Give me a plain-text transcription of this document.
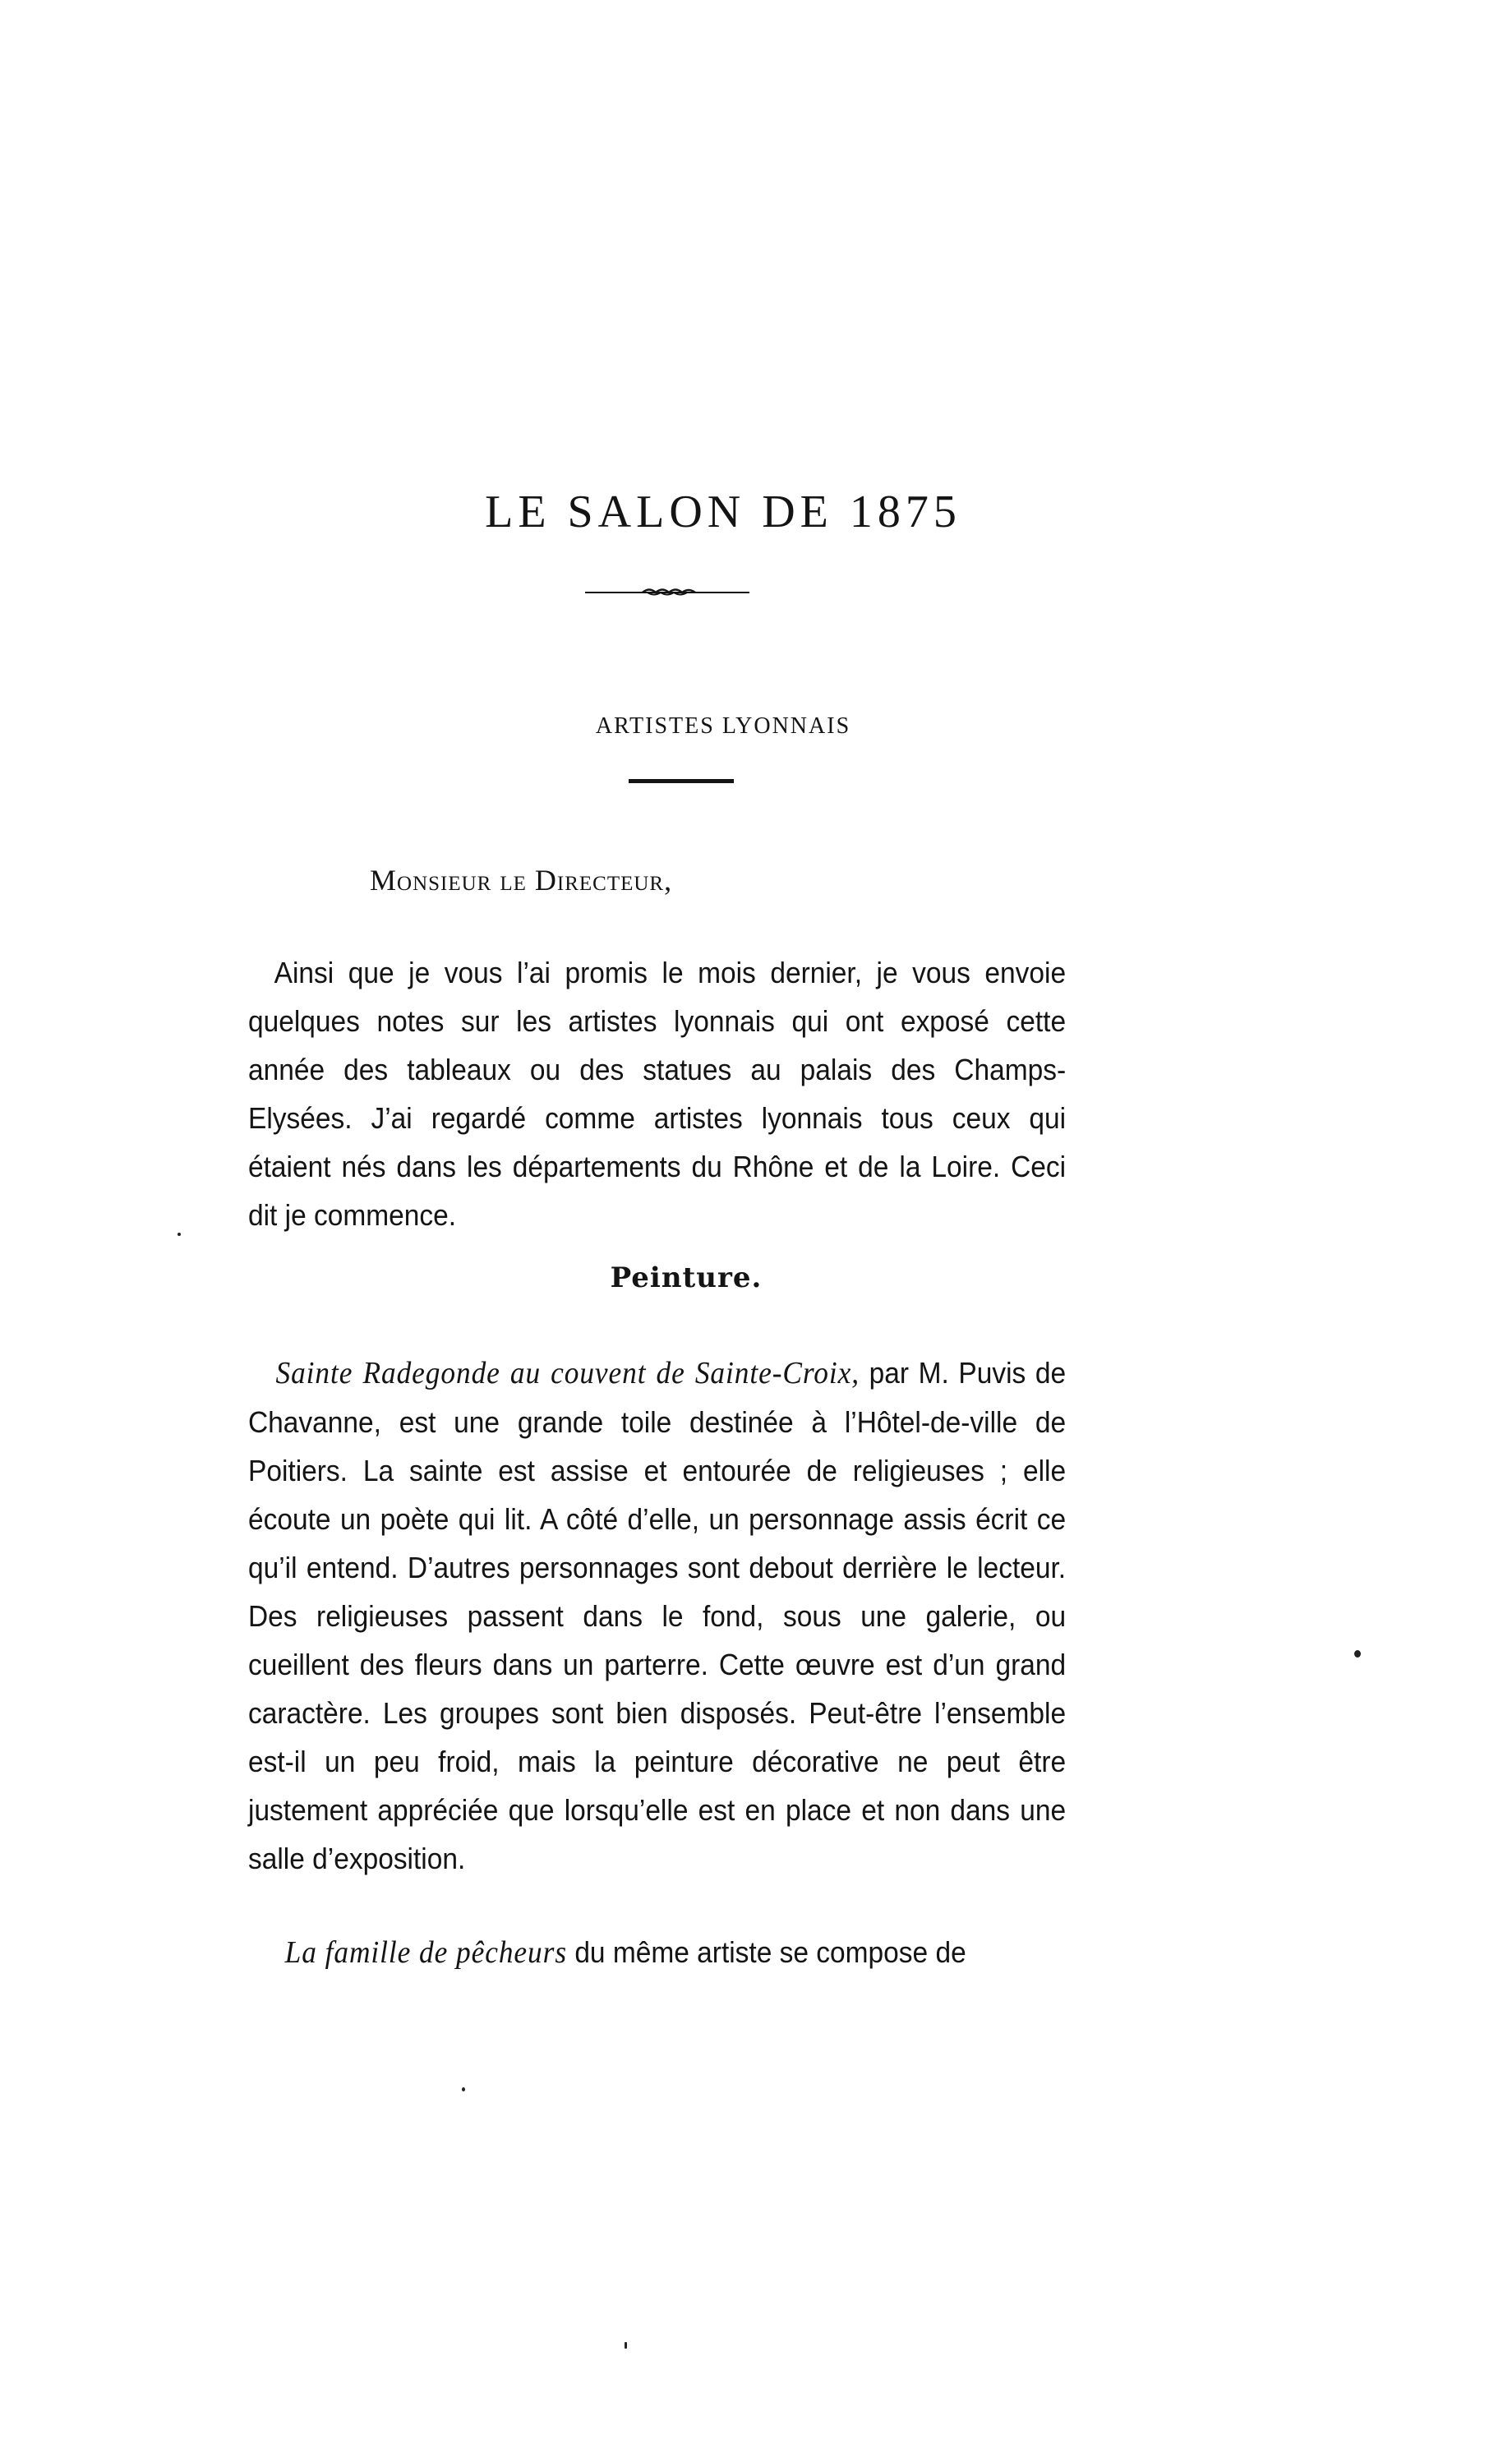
LE SALON DE 1875
ARTISTES LYONNAIS
Monsieur le Directeur,

Ainsi que je vous l’ai promis le mois dernier, je vous envoie quelques notes sur les artistes lyonnais qui ont exposé cette année des tableaux ou des statues au palais des Champs-Elysées. J’ai regardé comme artistes lyonnais tous ceux qui étaient nés dans les départements du Rhône et de la Loire. Ceci dit je commence.

Peinture.

Sainte Radegonde au couvent de Sainte-Croix, par M. Puvis de Chavanne, est une grande toile destinée à l’Hôtel-de-ville de Poitiers. La sainte est assise et entourée de religieuses ; elle écoute un poète qui lit. A côté d’elle, un personnage assis écrit ce qu’il entend. D’autres personnages sont debout derrière le lecteur. Des religieuses passent dans le fond, sous une galerie, ou cueillent des fleurs dans un parterre. Cette œuvre est d’un grand caractère. Les groupes sont bien disposés. Peut-être l’ensemble est-il un peu froid, mais la peinture décorative ne peut être justement appréciée que lorsqu’elle est en place et non dans une salle d’exposition.

La famille de pêcheurs du même artiste se compose de
